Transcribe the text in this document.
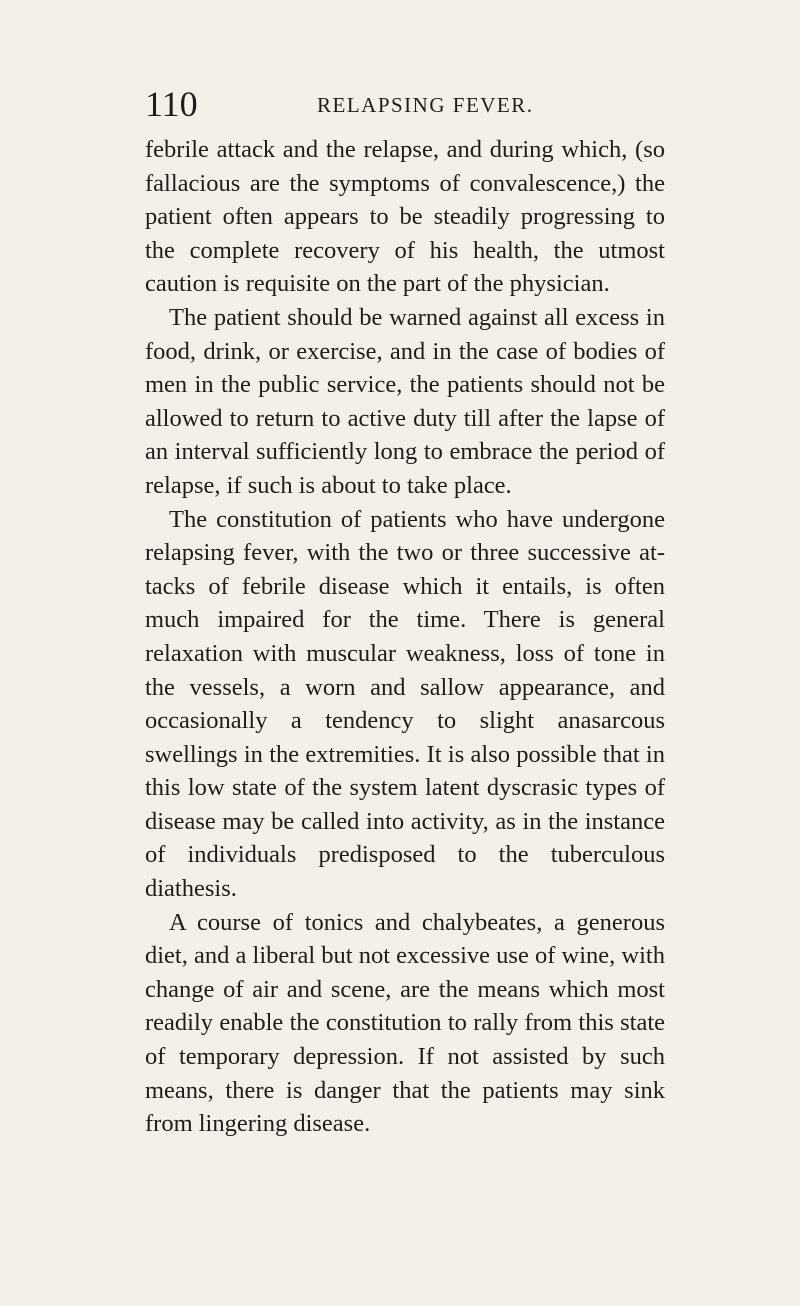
110	RELAPSING FEVER.

febrile attack and the relapse, and during which, (so fallacious are the symptoms of convalescence,) the patient often appears to be steadily progressing to the complete recovery of his health, the utmost caution is requisite on the part of the physician.

The patient should be warned against all excess in food, drink, or exercise, and in the case of bodies of men in the public service, the patients should not be allowed to return to active duty till after the lapse of an interval sufficiently long to embrace the period of relapse, if such is about to take place.

The constitution of patients who have undergone relapsing fever, with the two or three successive attacks of febrile disease which it entails, is often much impaired for the time. There is general relaxation with muscular weakness, loss of tone in the vessels, a worn and sallow appearance, and occasionally a tendency to slight anasarcous swellings in the extremities. It is also possible that in this low state of the system latent dyscrasic types of disease may be called into activity, as in the instance of individuals predisposed to the tuberculous diathesis.

A course of tonics and chalybeates, a generous diet, and a liberal but not excessive use of wine, with change of air and scene, are the means which most readily enable the constitution to rally from this state of temporary depression. If not assisted by such means, there is danger that the patients may sink from lingering disease.
